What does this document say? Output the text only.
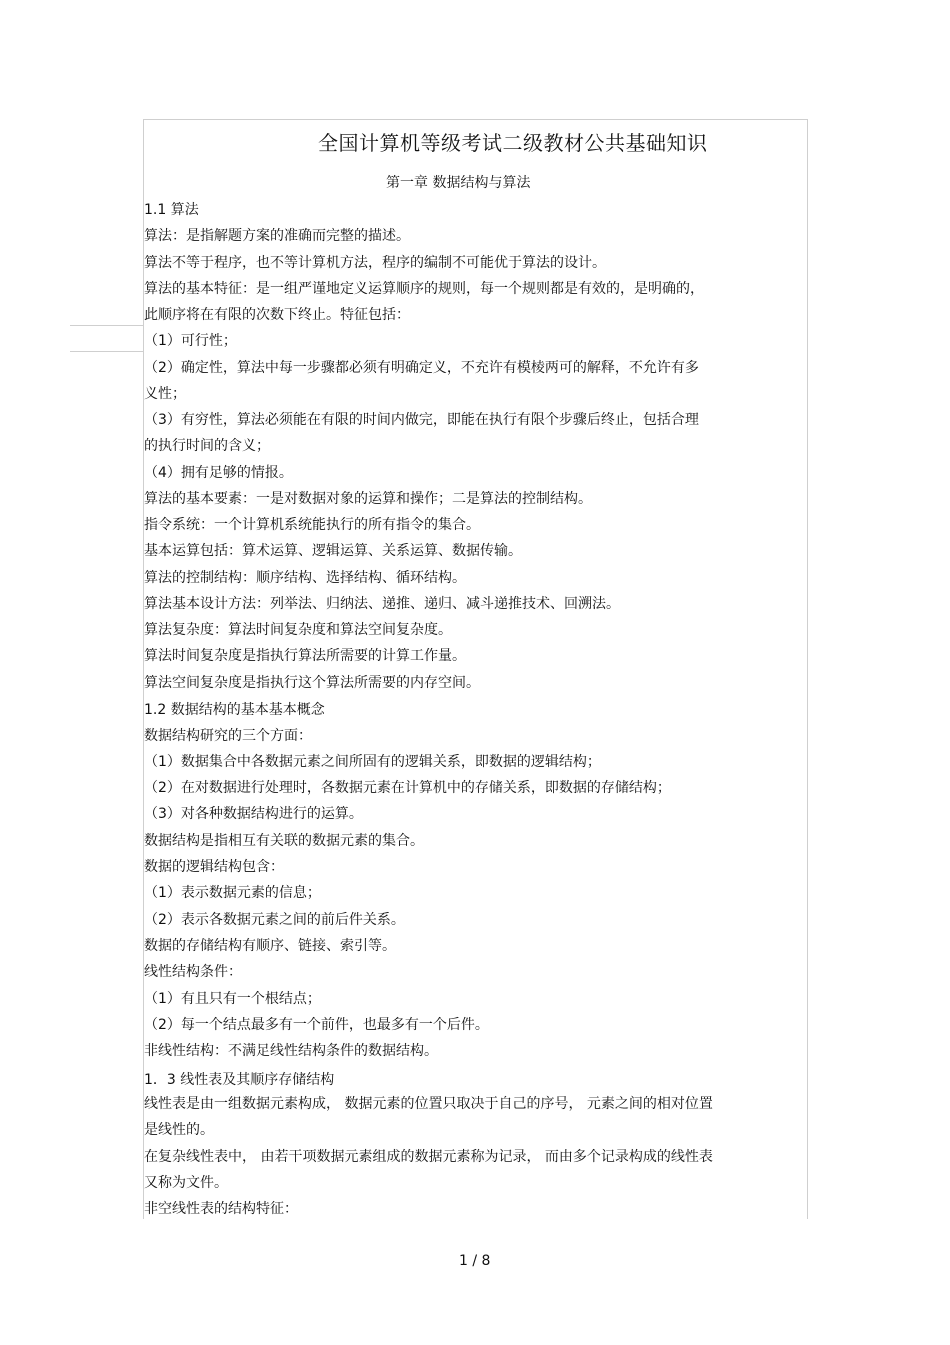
全国计算机等级考试二级教材公共基础知识
第一章 数据结构与算法
1.1 算法
算法：是指解题方案的准确而完整的描述。
算法不等于程序，也不等计算机方法，程序的编制不可能优于算法的设计。
算法的基本特征：是一组严谨地定义运算顺序的规则，每一个规则都是有效的，是明确的，
此顺序将在有限的次数下终止。特征包括：
（1）可行性；
（2）确定性，算法中每一步骤都必须有明确定义，不充许有模棱两可的解释，不允许有多
义性；
（3）有穷性，算法必须能在有限的时间内做完，即能在执行有限个步骤后终止，包括合理
的执行时间的含义；
（4）拥有足够的情报。
算法的基本要素：一是对数据对象的运算和操作；二是算法的控制结构。
指令系统：一个计算机系统能执行的所有指令的集合。
基本运算包括：算术运算、逻辑运算、关系运算、数据传输。
算法的控制结构：顺序结构、选择结构、循环结构。
算法基本设计方法：列举法、归纳法、递推、递归、减斗递推技术、回溯法。
算法复杂度：算法时间复杂度和算法空间复杂度。
算法时间复杂度是指执行算法所需要的计算工作量。
算法空间复杂度是指执行这个算法所需要的内存空间。
1.2 数据结构的基本基本概念
数据结构研究的三个方面：
（1）数据集合中各数据元素之间所固有的逻辑关系，即数据的逻辑结构；
（2）在对数据进行处理时，各数据元素在计算机中的存储关系，即数据的存储结构；
（3）对各种数据结构进行的运算。
数据结构是指相互有关联的数据元素的集合。
数据的逻辑结构包含：
（1）表示数据元素的信息；
（2）表示各数据元素之间的前后件关系。
数据的存储结构有顺序、链接、索引等。
线性结构条件：
（1）有且只有一个根结点；
（2）每一个结点最多有一个前件，也最多有一个后件。
非线性结构：不满足线性结构条件的数据结构。
1．3 线性表及其顺序存储结构
线性表是由一组数据元素构成， 数据元素的位置只取决于自己的序号， 元素之间的相对位置
是线性的。
在复杂线性表中， 由若干项数据元素组成的数据元素称为记录， 而由多个记录构成的线性表
又称为文件。
非空线性表的结构特征：
1 / 8
